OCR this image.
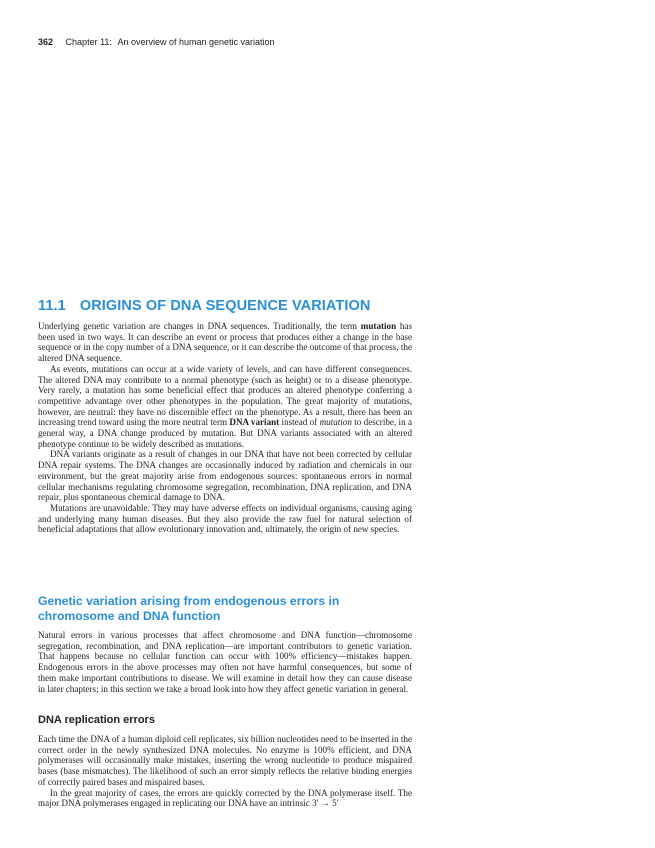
362 Chapter 11: An overview of human genetic variation
11.1 ORIGINS OF DNA SEQUENCE VARIATION

Underlying genetic variation are changes in DNA sequences. Traditionally, the term mutation has been used in two ways. It can describe an event or process that produces either a change in the base sequence or in the copy number of a DNA sequence, or it can describe the outcome of that process, the altered DNA sequence.

As events, mutations can occur at a wide variety of levels, and can have different consequences. The altered DNA may contribute to a normal phenotype (such as height) or to a disease phenotype. Very rarely, a mutation has some beneficial effect that produces an altered phenotype conferring a competitive advantage over other phenotypes in the population. The great majority of mutations, however, are neutral: they have no discernible effect on the phenotype. As a result, there has been an increasing trend toward using the more neutral term DNA variant instead of mutation to describe, in a general way, a DNA change produced by mutation. But DNA variants associated with an altered phenotype continue to be widely described as mutations.

DNA variants originate as a result of changes in our DNA that have not been corrected by cellular DNA repair systems. The DNA changes are occasionally induced by radiation and chemicals in our environment, but the great majority arise from endogenous sources: spontaneous errors in normal cellular mechanisms regulating chromosome segregation, recombination, DNA replication, and DNA repair, plus spontaneous chemical damage to DNA.

Mutations are unavoidable. They may have adverse effects on individual organisms, causing aging and underlying many human diseases. But they also provide the raw fuel for natural selection of beneficial adaptations that allow evolutionary innovation and, ultimately, the origin of new species.

Genetic variation arising from endogenous errors in
chromosome and DNA function

Natural errors in various processes that affect chromosome and DNA function—chromosome segregation, recombination, and DNA replication—are important contributors to genetic variation. That happens because no cellular function can occur with 100% efficiency—mistakes happen. Endogenous errors in the above processes may often not have harmful consequences, but some of them make important contributions to disease. We will examine in detail how they can cause disease in later chapters; in this section we take a broad look into how they affect genetic variation in general.

DNA replication errors

Each time the DNA of a human diploid cell replicates, six billion nucleotides need to be inserted in the correct order in the newly synthesized DNA molecules. No enzyme is 100% efficient, and DNA polymerases will occasionally make mistakes, inserting the wrong nucleotide to produce mispaired bases (base mismatches). The likelihood of such an error simply reflects the relative binding energies of correctly paired bases and mispaired bases.

In the great majority of cases, the errors are quickly corrected by the DNA polymerase itself. The major DNA polymerases engaged in replicating our DNA have an intrinsic 3′ → 5′
